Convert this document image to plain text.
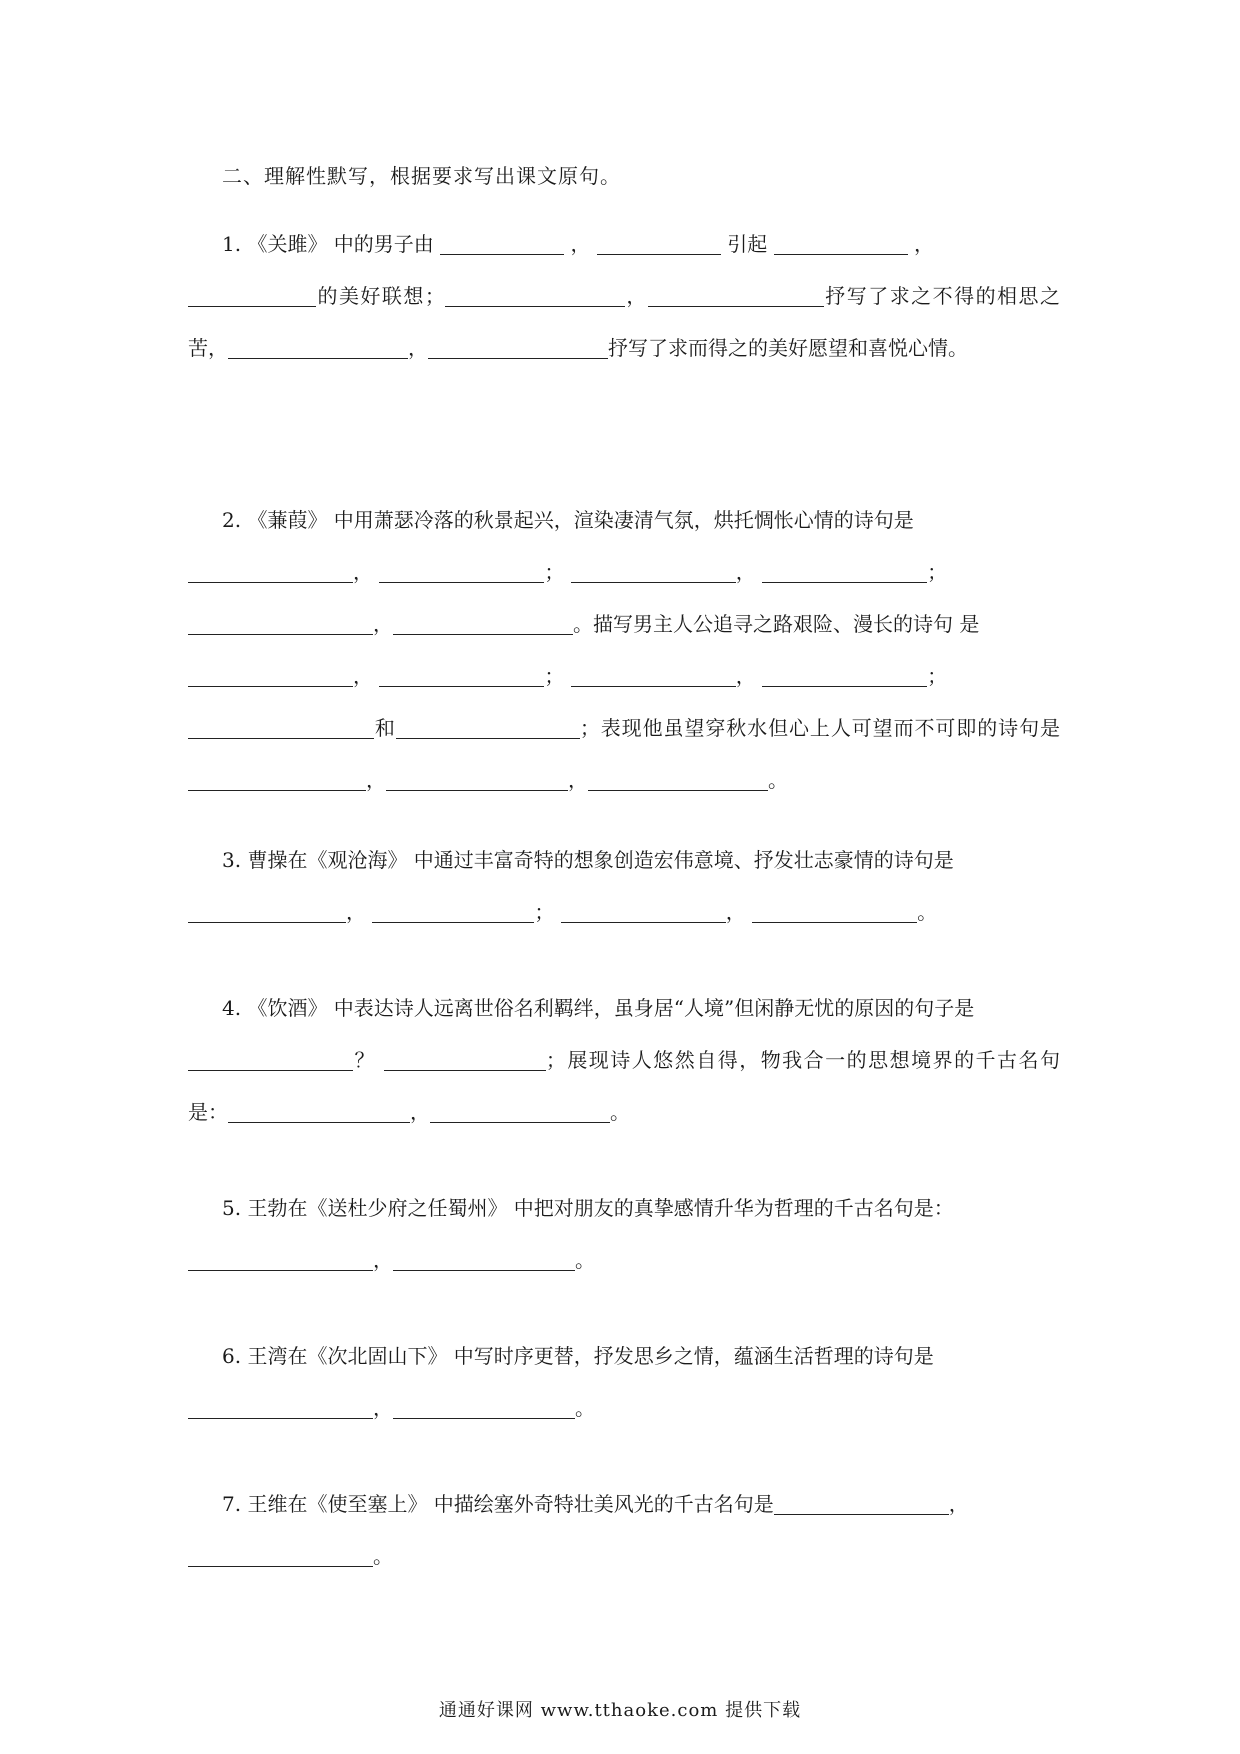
二、理解性默写，根据要求写出课文原句。
1. 《关雎》 中的男子由	，	引起	，
的美好联想；	，	抒写了求之不得的相思之苦，	，	抒写了求而得之的美好愿望和喜悦心情。
2. 《蒹葭》 中用萧瑟冷落的秋景起兴，渲染凄清气氛，烘托惆怅心情的诗句是
，	；	，	；
，	。描写男主人公追寻之路艰险、漫长的诗句 是
，	；	，	；
和	；表现他虽望穿秋水但心上人可望而不可即的诗句是，	，	。
3. 曹操在《观沧海》 中通过丰富奇特的想象创造宏伟意境、抒发壮志豪情的诗句是
，	；	，	。
4. 《饮酒》 中表达诗人远离世俗名利羁绊，虽身居“人境”但闲静无忧的原因的句子是
？	；展现诗人悠然自得，物我合一的思想境界的千古名句是：	，	。
5. 王勃在《送杜少府之任蜀州》 中把对朋友的真挚感情升华为哲理的千古名句是：
，	。
6. 王湾在《次北固山下》 中写时序更替，抒发思乡之情，蕴涵生活哲理的诗句是
，	。
7. 王维在《使至塞上》 中描绘塞外奇特壮美风光的千古名句是	，
。
通通好课网 www.tthaoke.com 提供下载
